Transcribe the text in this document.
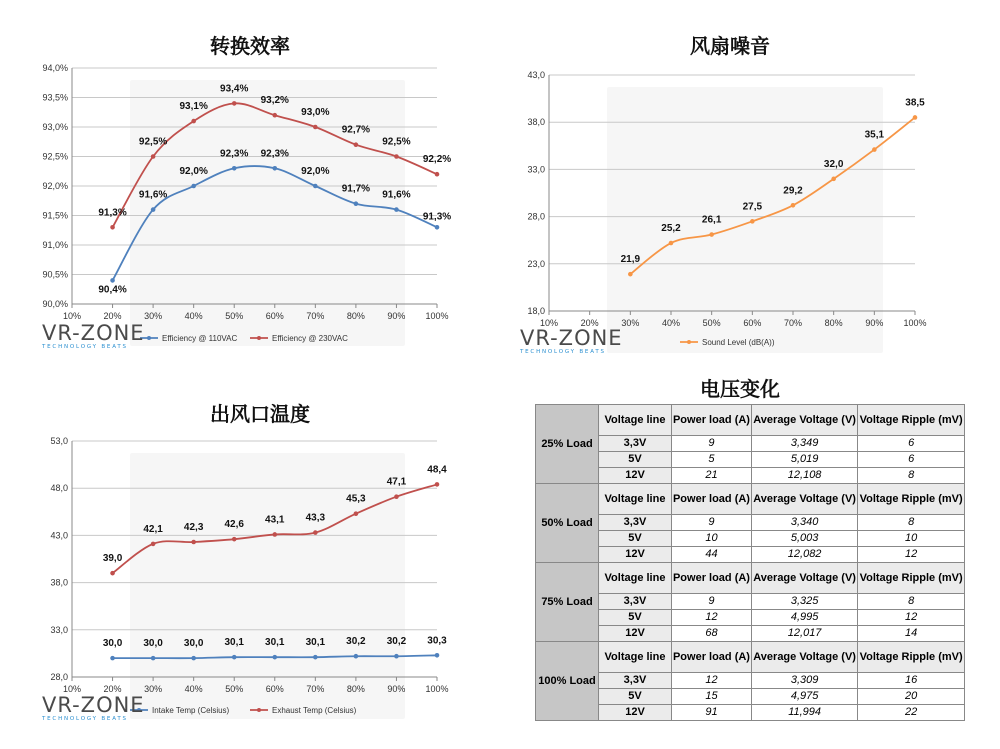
转换效率	风扇噪音
出风口温度
电压变化
90,0%
90,5%
91,0%
91,5%
92,0%
92,5%
93,0%
93,5%
94,0%
10%	20%	30%	40%	50%	60%	70%	80%	90% 100%
90,4%
91,6%
92,0%
92,3% 92,3%
92,0%
91,7%
91,6%
91,3%
Efficiency @ 110VAC
91,3%
92,5%
93,1%
93,4%
93,2%
93,0%
92,7%
92,5%
92,2%
Efficiency @ 230VAC
18,0
23,0
28,0
33,0
38,0
43,0
10%	20%	30%	40%	50%	60%	70%	80%	90% 100%
21,9
25,2
26,1
27,5
29,2
32,0
35,1
38,5
Sound Level (dB(A))
28,0
33,0
38,0
43,0
48,0
53,0
10%	20%	30%	40%	50%	60%	70%	80%	90% 100%
30,0 30,0 30,0 30,1 30,1 30,1 30,2 30,2 30,3
Intake Temp (Celsius)
39,0
42,1 42,3 42,6 43,1 43,3
45,3
47,1
48,4
Exhaust Temp (Celsius)
VR-ZONE
TECHNOLOGY BEATS	VR-ZONE
TECHNOLOGY BEATS
VR-ZONE
TECHNOLOGY BEATS
25% Load	Voltage line	Power load (A)	Average Voltage (V)	Voltage Ripple (mV)
	3,3V	9	3,349	6
	5V	5	5,019	6
	12V	21	12,108	8
50% Load	Voltage line	Power load (A)	Average Voltage (V)	Voltage Ripple (mV)
	3,3V	9	3,340	8
	5V	10	5,003	10
	12V	44	12,082	12
75% Load	Voltage line	Power load (A)	Average Voltage (V)	Voltage Ripple (mV)
	3,3V	9	3,325	8
	5V	12	4,995	12
	12V	68	12,017	14
100% Load	Voltage line	Power load (A)	Average Voltage (V)	Voltage Ripple (mV)
	3,3V	12	3,309	16
	5V	15	4,975	20
	12V	91	11,994	22
